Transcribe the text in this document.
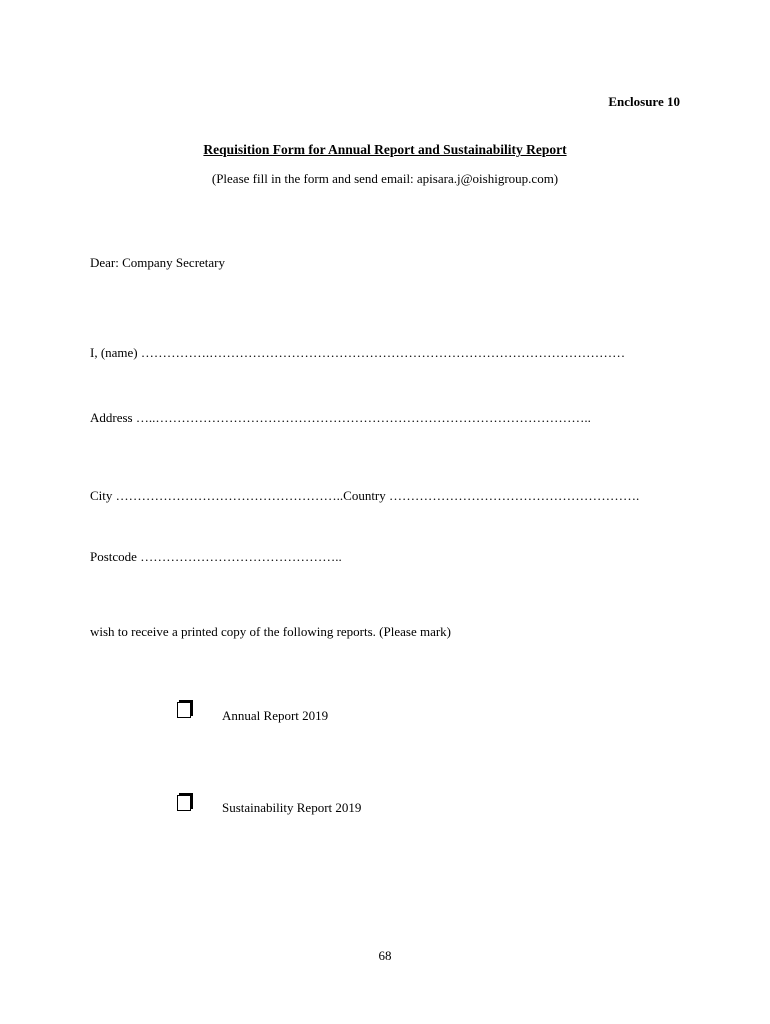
Enclosure 10
Requisition Form for Annual Report and Sustainability Report
(Please fill in the form and send email: apisara.j@oishigroup.com)
Dear: Company Secretary
I, (name) …………….……………………………………………………………………………………
Address …..………………………………………………………………………………………..
City ……………………………………………..Country ………………………………………………….
Postcode ………………………………………..
wish to receive a printed copy of the following reports. (Please mark)
Annual Report 2019
Sustainability Report 2019
68
